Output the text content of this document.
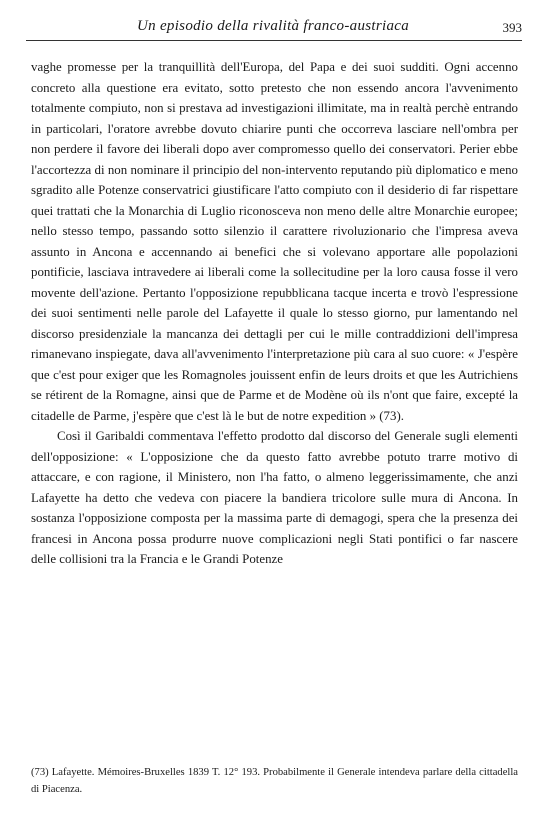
Un episodio della rivalità franco-austriaca	393

vaghe promesse per la tranquillità dell'Europa, del Papa e dei suoi sudditi. Ogni accenno concreto alla questione era evitato, sotto pretesto che non essendo ancora l'avvenimento totalmente compiuto, non si prestava ad investigazioni illimitate, ma in realtà perchè entrando in particolari, l'oratore avrebbe dovuto chiarire punti che occorreva lasciare nell'ombra per non perdere il favore dei liberali dopo aver compromesso quello dei conservatori. Perier ebbe l'accortezza di non nominare il principio del non-intervento reputando più diplomatico e meno sgradito alle Potenze conservatrici giustificare l'atto compiuto con il desiderio di far rispettare quei trattati che la Monarchia di Luglio riconosceva non meno delle altre Monarchie europee; nello stesso tempo, passando sotto silenzio il carattere rivoluzionario che l'impresa aveva assunto in Ancona e accennando ai benefici che si volevano apportare alle popolazioni pontificie, lasciava intravedere ai liberali come la sollecitudine per la loro causa fosse il vero movente dell'azione. Pertanto l'opposizione repubblicana tacque incerta e trovò l'espressione dei suoi sentimenti nelle parole del Lafayette il quale lo stesso giorno, pur lamentando nel discorso presidenziale la mancanza dei dettagli per cui le mille contraddizioni dell'impresa rimanevano inspiegate, dava all'avvenimento l'interpretazione più cara al suo cuore: « J'espère que c'est pour exiger que les Romagnoles jouissent enfin de leurs droits et que les Autrichiens se rétirent de la Romagne, ainsi que de Parme et de Modène où ils n'ont que faire, excepté la citadelle de Parme, j'espère que c'est là le but de notre expedition » (73).

Così il Garibaldi commentava l'effetto prodotto dal discorso del Generale sugli elementi dell'opposizione: « L'opposizione che da questo fatto avrebbe potuto trarre motivo di attaccare, e con ragione, il Ministero, non l'ha fatto, o almeno leggerissimamente, che anzi Lafayette ha detto che vedeva con piacere la bandiera tricolore sulle mura di Ancona. In sostanza l'opposizione composta per la massima parte di demagogi, spera che la presenza dei francesi in Ancona possa produrre nuove complicazioni negli Stati pontifici o far nascere delle collisioni tra la Francia e le Grandi Potenze

(73) Lafayette. Mémoires-Bruxelles 1839 T. 12° 193. Probabilmente il Generale intendeva parlare della cittadella di Piacenza.
